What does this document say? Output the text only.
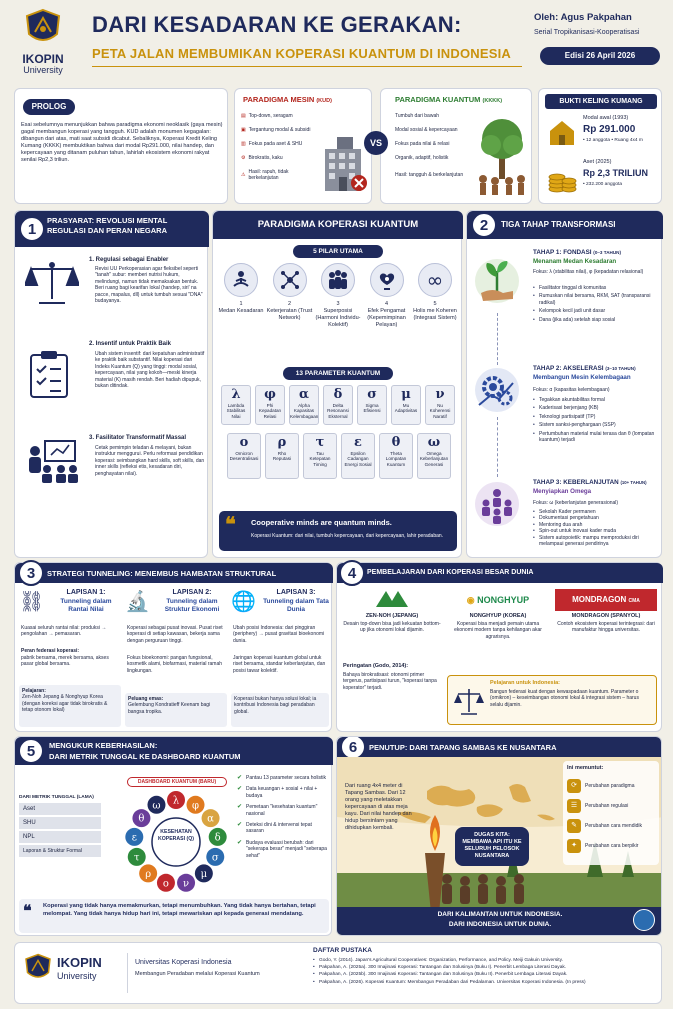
IKOPIN
University
DARI KESADARAN KE GERAKAN:
PETA JALAN MEMBUMIKAN KOPERASI KUANTUM DI INDONESIA
Oleh: Agus Pakpahan
Serial Tropikanisasi-Kooperatisasi
Edisi 26 April 2026
PROLOG
Esai sebelumnya menunjukkan bahwa paradigma ekonomi neoklasik (gaya mesin) gagal membangun koperasi yang tangguh. KUD adalah monumen kegagalan: dibangun dari atas, mati saat subsidi dicabut. Sebaliknya, Koperasi Kredit Keling Kumang (KKKK) membuktikan bahwa dari modal Rp291.000, nilai handep, dan kepercayaan yang ditanam puluhan tahun, lahirlah ekosistem ekonomi rakyat senilai Rp2,3 triliun.
PARADIGMA MESIN (KUD)
▤ Top-down, seragam
▣ Tergantung modal & subsidi
▥ Fokus pada aset & SHU
⚙ Birokratis, kaku
⚠
Hasil: rapuh, tidak berkelanjutan
VS
PARADIGMA KUANTUM (KKKK)
Tumbuh dari bawah
Modal sosial & kepercayaan
Fokus pada nilai & relasi
Organik, adaptif, holistik
Hasil: tangguh & berkelanjutan
BUKTI KELING KUMANG
Modal awal (1993)
Rp 291.000
• 12 anggota • Ruang 4x4 m
Aset (2025)
Rp 2,3 TRILIUN
• 232.200 anggota
PRASYARAT: REVOLUSI MENTAL REGULASI DAN PERAN NEGARA
1
1. Regulasi sebagai Enabler
Revisi UU Perkoperasian agar fleksibel seperti "tanah" subur: memberi nutrisi hukum, melindungi, namun tidak memaksakan bentuk. Beri ruang bagi kearifan lokal (handep, siri' na pacce, mapalus, dll) untuk tumbuh sesuai "DNA" budayanya.
2. Insentif untuk Praktik Baik
Ubah sistem insentif: dari kepatuhan administratif ke praktik baik substantif. Nilai koperasi dari Indeks Kuantum (Q) yang tinggi: modal sosial, kepercayaan, nilai yang kokoh—meski kinerja material (K) masih rendah. Beri hadiah dipupuk, bukan ditindak.
3. Fasilitator Transformatif Massal
Cetak pemimpin teladan & melayani, bukan instruktur menggurui. Perlu reformasi pendidikan koperasi: seimbangkan hard skills, soft skills, dan inner skills (refleksi etis, kesadaran diri, penghayatan nilai).
PARADIGMA KOPERASI KUANTUM
5 PILAR UTAMA
1
Medan Kesadaran
2
Keterjeratan (Trust Network)
3
Superposisi (Harmoni Individu-Kolektif)
4
Efek Pengamat (Kepemimpinan Pelayan)
∞
5
Holis me Koheren (Integrasi Sistem)
13 PARAMETER KUANTUM
λ
Lambda
Stabilitas Nilai
φ
Phi
Kepadatan Relasi
α
Alpha
Kapasitas Kelembagaan
δ
Delta
Resonansi Eksternal
σ
Sigma
Efisiensi
μ
Mu
Adaptivitas
ν
Nu
Koherensi Naratif
ο
Omicron
Desentralisasi
ρ
Rho
Reputasi
τ
Tau
Ketepatan Timing
ε
Epsilon
Cadangan Energi Sosial
θ
Theta
Lompatan Kuantum
ω
Omega
Keberlanjutan Generasi
❝ Cooperative minds are quantum minds.
Koperasi Kuantum: dari nilai, tumbuh kepercayaan, dari kepercayaan, lahir peradaban.
TIGA TAHAP TRANSFORMASI
2
TAHAP 1: FONDASI (0–3 TAHUN)
Menanam Medan Kesadaran
Fokus: λ (stabilitas nilai), φ (kepadatan relasional)
• Fasilitator tinggal di komunitas
• Rumuskan nilai bersama, RKM, SAT (transparansi radikal)
• Kelompok kecil jadi unit dasar
• Dana (jika ada) setelah siap sosial
TAHAP 2: AKSELERASI (3–10 TAHUN)
Membangun Mesin Kelembagaan
Fokus: α (kapasitas kelembagaan)
• Tegakkan akuntabilitas formal
• Kaderisasi berjenjang (KB)
• Teknologi partisipatif (TP)
• Sistem sanksi-penghargaan (SSP)
• Pertumbuhan material mulai terasa dan θ (lompatan kuantum) terjadi
TAHAP 3: KEBERLANJUTAN (10+ TAHUN)
Menyiapkan Omega
Fokus: ω (keberlanjutan generasional)
• Sekolah Kader permanen
• Dokumentasi pengetahuan
• Mentoring dua arah
• Spin-out untuk inovasi kader muda
• Sistem autopoietik: mampu memproduksi diri melampaui generasi pendirinya
STRATEGI TUNNELING: MENEMBUS HAMBATAN STRUKTURAL
3
⛓	LAPISAN 1:
Tunneling dalam Rantai Nilai
Kuasai seluruh rantai nilai: produksi → pengolahan → pemasaran.
Peran federasi koperasi:
pabrik bersama, merek bersama, akses pasar global bersama.
Pelajaran:
Zen-Noh Jepang & Nonghyup Korea (dengan koreksi agar tidak birokratis & tetap otonom lokal)
🔬	LAPISAN 2:
Tunneling dalam Struktur Ekonomi
Koperasi sebagai pusat inovasi. Pusat riset koperasi di setiap kawasan, bekerja sama dengan perguruan tinggi.
Fokus bioekonomi: pangan fungsional, kosmetik alami, biofarmasi, material ramah lingkungan.
Peluang emas:
Gelembung Kondratieff Keenam bagi bangsa tropika.
🌐	LAPISAN 3:
Tunneling dalam Tata Dunia
Ubah posisi Indonesia: dari pinggiran (periphery) → pusat gravitasi bioekonomi dunia.
Jaringan koperasi kuantum global untuk riset bersama, standar keberlanjutan, dan posisi tawar kolektif.
Koperasi bukan hanya solusi lokal; ia kontribusi Indonesia bagi peradaban global.
PEMBELAJARAN DARI KOPERASI BESAR DUNIA
4
ZEN-NOH (JEPANG)
Desain top-down bisa jadi kekuatan bottom-up jika otonomi lokal dijamin.
◉ NONGHYUP
NONGHYUP (KOREA)
Koperasi bisa menjadi pemain utama ekonomi modern tanpa kehilangan akar agrarisnya.
MONDRAGON CMA
MONDRAGON (SPANYOL)
Contoh ekosistem koperasi terintegrasi: dari manufaktur hingga universitas.
Peringatan (Godo, 2014):
Bahaya birokratisasi: otonomi primer tergerus, partisipasi turun, "koperasi tanpa koperator" terjadi.
Pelajaran untuk Indonesia:
Bangun federasi kuat dengan kewaspadaan kuantum. Parameter ο (omikron) – keseimbangan otonomi lokal & integrasi sistem – harus selalu dijamin.
MENGUKUR KEBERHASILAN:
DARI METRIK TUNGGAL KE DASHBOARD KUANTUM
5
DARI METRIK TUNGGAL (LAMA)
Aset
SHU
NPL
Laporan & Struktur Formal
DASHBOARD KUANTUM (BARU)
λ φ
α
δ
σ
μ
ν
ο
ρ
τ
ε
θ
ω
KESEHATAN KOPERASI (Q)
✔ Pantau 13 parameter secara holistik
✔ Data keuangan + sosial + nilai + budaya
✔ Pemetaan "kesehatan kuantum" nasional
✔ Deteksi dini & intervensi tepat sasaran
✔ Budaya evaluasi berubah: dari "sekerapa besar" menjadi "seberapa sehat"
❝ Koperasi yang tidak hanya memakmurkan, tetapi menumbuhkan. Yang tidak hanya bertahan, tetapi melompat. Yang tidak hanya hidup hari ini, tetapi mewariskan api kepada generasi mendatang.
PENUTUP: DARI TAPANG SAMBAS KE NUSANTARA
6
Dari ruang 4x4 meter di Tapang Sambas. Dari 12 orang yang meletakkan kepercayaan di atas meja kayu. Dari nilai handep dan hidup bersinlarn yang dihidupkan kembali.
DUGAS KITA: MEMBAWA API ITU KE SELURUH PELOSOK NUSANTARA
Ini memuntut:
⟳	Perubahan paradigma
☰	Perubahan regulasi
✎	Perubahan cara mendidik
✦	Perubahan cara berpikir
DARI KALIMANTAN UNTUK INDONESIA.
DARI INDONESIA UNTUK DUNIA.
IKOPIN
University
Universitas Koperasi Indonesia
Membangun Peradaban melalui Koperasi Kuantum
DAFTAR PUSTAKA
• Godo, Y. (2014). Japan's Agricultural Cooperatives: Organization, Performance, and Policy. Meiji Gakuin University.
• Pakpahan, A. (2025a). 300 Imajinasi Koperasi: Tantangan dan Solusinya (Buku I). Penerbit Lembaga Literasi Dayak.
• Pakpahan, A. (2025b). 300 Imajinasi Koperasi: Tantangan dan Solusinya (Buku II). Penerbit Lembaga Literasi Dayak.
• Pakpahan, A. (2026). Koperasi Kuantum: Membangun Peradaban dari Pedalaman. Universitas Koperasi Indonesia. (In press)
